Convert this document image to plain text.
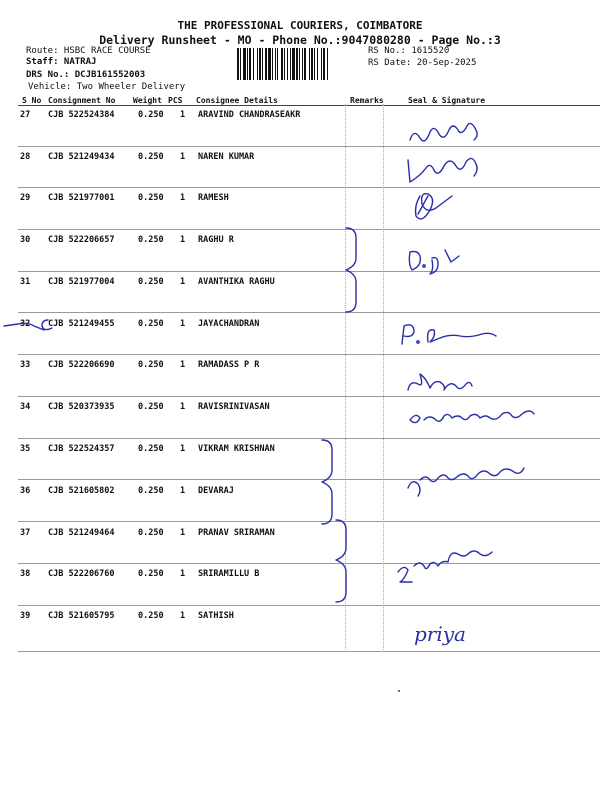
THE PROFESSIONAL COURIERS, COIMBATORE
Delivery Runsheet - MO - Phone No.:9047080280 - Page No.:3
Route: HSBC RACE COURSE
Staff: NATRAJ
DRS No.: DCJB161552003
Vehicle: Two Wheeler Delivery
RS No.: 1615520
RS Date: 20-Sep-2025
S No Consignment No Weight PCS Consignee Details	Remarks	Seal & Signature
27 CJB 522524384	0.250 1 ARAVIND CHANDRASEAKR
28 CJB 521249434	0.250 1 NAREN KUMAR
29 CJB 521977001	0.250 1 RAMESH
30 CJB 522206657	0.250 1 RAGHU R
31 CJB 521977004	0.250 1 AVANTHIKA RAGHU
32 CJB 521249455	0.250 1 JAYACHANDRAN
33 CJB 522206690	0.250 1 RAMADASS P R
34 CJB 520373935	0.250 1 RAVISRINIVASAN
35 CJB 522524357	0.250 1 VIKRAM KRISHNAN
36 CJB 521605802	0.250 1 DEVARAJ
37 CJB 521249464	0.250 1 PRANAV SRIRAMAN
38 CJB 522206760	0.250 1 SRIRAMILLU B
39 CJB 521605795	0.250 1 SATHISH
priya
